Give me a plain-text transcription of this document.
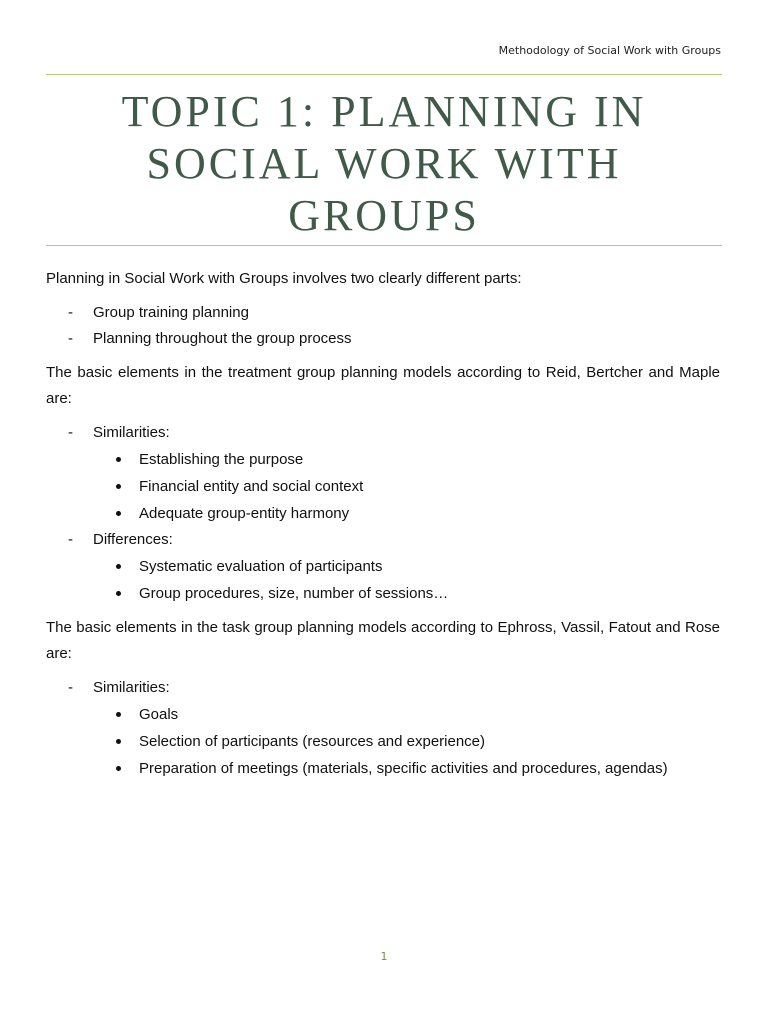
Methodology of Social Work with Groups
TOPIC 1: PLANNING IN
SOCIAL WORK WITH
GROUPS

Planning in Social Work with Groups involves two clearly different parts:

- Group training planning
- Planning throughout the group process

The basic elements in the treatment group planning models according to Reid, Bertcher and Maple are:

- Similarities:
Establishing the purpose
Financial entity and social context
Adequate group-entity harmony
- Differences:
Systematic evaluation of participants
Group procedures, size, number of sessions…

The basic elements in the task group planning models according to Ephross, Vassil, Fatout and Rose are:

- Similarities:
Goals
Selection of participants (resources and experience)
Preparation of meetings (materials, specific activities and procedures, agendas)
1
